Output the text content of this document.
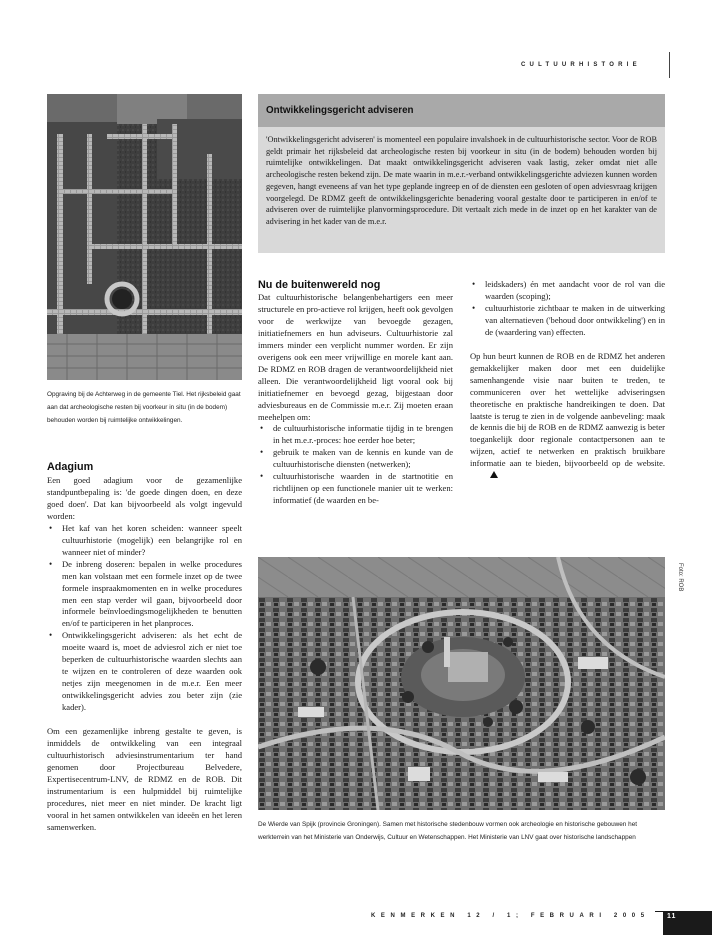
CULTUURHISTORIE
Opgraving bij de Achterweg in de gemeente Tiel. Het rijksbeleid gaat aan dat archeologische resten bij voorkeur in situ (in de bodem) behouden worden bij ruimtelijke ontwikkelingen.
Ontwikkelingsgericht adviseren
'Ontwikkelingsgericht adviseren' is momenteel een populaire invalshoek in de cultuurhistorische sector. Voor de ROB geldt primair het rijksbeleid dat archeologische resten bij voorkeur in situ (in de bodem) behouden worden bij ruimtelijke ontwikkelingen. Dat maakt ontwikkelingsgericht adviseren vaak lastig, zeker omdat niet alle archeologische resten bekend zijn. De mate waarin in m.e.r.-verband ontwikkelingsgerichte adviezen kunnen worden gegeven, hangt eveneens af van het type geplande ingreep en of de diensten een gesloten of open adviesvraag krijgen voorgelegd. De RDMZ geeft de ontwikkelingsgerichte benadering vooral gestalte door te participeren in en/of te adviseren over de ruimtelijke planvormingsprocedure. Dit vertaalt zich mede in de inzet op en het karakter van de advisering in het kader van de m.e.r.
Adagium

Een goed adagium voor de gezamenlijke standpuntbepaling is: 'de goede dingen doen, en deze goed doen'. Dat kan bijvoorbeeld als volgt ingevuld worden:

• Het kaf van het koren scheiden: wanneer speelt cultuurhistorie (mogelijk) een belangrijke rol en wanneer niet of minder?
• De inbreng doseren: bepalen in welke procedures men kan volstaan met een formele inzet op de twee formele inspraakmomenten en in welke procedures men een stap verder wil gaan, bijvoorbeeld door informele beïnvloedingsmogelijkheden te benutten en/of te participeren in het planproces.
• Ontwikkelingsgericht adviseren: als het echt de moeite waard is, moet de adviesrol zich er niet toe beperken de cultuurhistorische waarden slechts aan te wijzen en te controleren of deze waarden ook netjes zijn meegenomen in de m.e.r. Een meer ontwikkelingsgericht advies zou beter zijn (zie kader).

Om een gezamenlijke inbreng gestalte te geven, is inmiddels de ontwikkeling van een integraal cultuurhistorisch adviesinstrumentarium ter hand genomen door Projectbureau Belvedere, Expertisecentrum-LNV, de RDMZ en de ROB. Dit instrumentarium is een hulpmiddel bij ruimtelijke procedures, niet meer en niet minder. De kracht ligt vooral in het samen ontwikkelen van ideeën en het leren samenwerken.

Nu de buitenwereld nog

Dat cultuurhistorische belangenbehartigers een meer structurele en pro-actieve rol krijgen, heeft ook gevolgen voor de werkwijze van bevoegde gezagen, initiatiefnemers en hun adviseurs. Cultuurhistorie zal immers minder een verplicht nummer worden. Er zijn overigens ook een meer vrijwillige en morele kant aan. De RDMZ en ROB dragen de verantwoordelijkheid niet alleen. Die verantwoordelijkheid ligt vooral ook bij initiatiefnemer en bevoegd gezag, bijgestaan door adviesbureaus en de Commissie m.e.r. Zij moeten eraan meehelpen om:

• de cultuurhistorische informatie tijdig in te brengen in het m.e.r.-proces: hoe eerder hoe beter;
• gebruik te maken van de kennis en kunde van de cultuurhistorische diensten (netwerken);
• cultuurhistorische waarden in de startnotitie en richtlijnen op een functionele manier uit te werken: informatief (de waarden en be-
• leidskaders) én met aandacht voor de rol van die waarden (scoping);
• cultuurhistorie zichtbaar te maken in de uitwerking van alternatieven ('behoud door ontwikkeling') en in de (waardering van) effecten.

Op hun beurt kunnen de ROB en de RDMZ het anderen gemakkelijker maken door met een duidelijke samenhangende visie naar buiten te treden, te communiceren over het wettelijke adviseringsen theoretische en praktische handreikingen te doen. Dat laatste is terug te zien in de volgende aanbeveling: maak de kennis die bij de ROB en de RDMZ aanwezig is beter toegankelijk door regionale contactpersonen aan te wijzen, actief te netwerken en praktisch bruikbare informatie aan te bieden, bijvoorbeeld op de website.

Foto: ROB
De Wierde van Spijk (provincie Groningen). Samen met historische stedenbouw vormen ook archeologie en historische gebouwen het werkterrein van het Ministerie van Onderwijs, Cultuur en Wetenschappen. Het Ministerie van LNV gaat over historische landschappen
KENMERKEN 12 / 1; FEBRUARI 2005 11
